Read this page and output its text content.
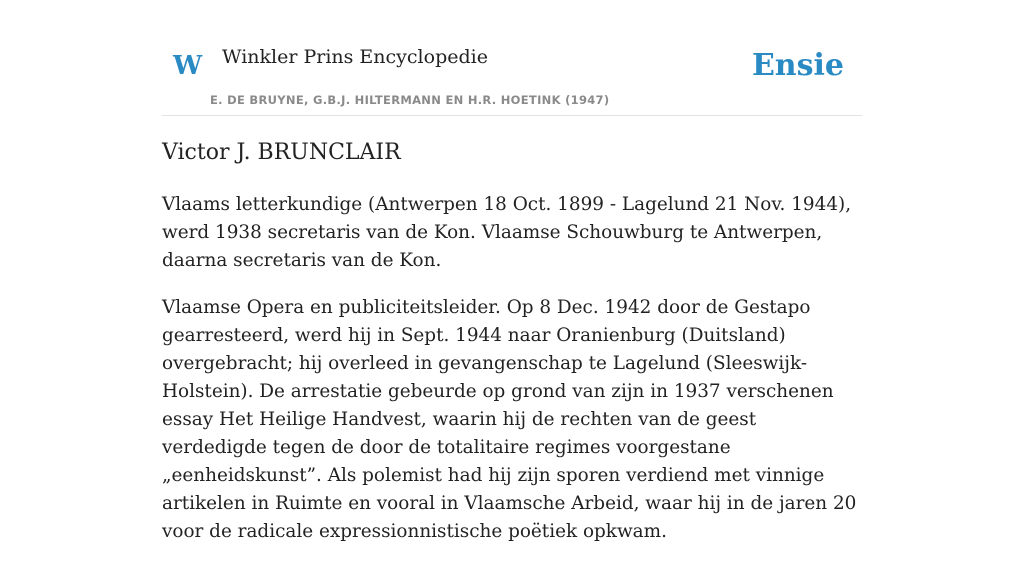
W Winkler Prins Encyclopedie
E. DE BRUYNE, G.B.J. HILTERMANN EN H.R. HOETINK (1947)
Ensie
Victor J. BRUNCLAIR

Vlaams letterkundige (Antwerpen 18 Oct. 1899 - Lagelund 21 Nov. 1944), werd 1938 secretaris van de Kon. Vlaamse Schouwburg te Antwerpen, daarna secretaris van de Kon.

Vlaamse Opera en publiciteitsleider. Op 8 Dec. 1942 door de Gestapo gearresteerd, werd hij in Sept. 1944 naar Oranienburg (Duitsland) overgebracht; hij overleed in gevangenschap te Lagelund (Sleeswijk-Holstein). De arrestatie gebeurde op grond van zijn in 1937 verschenen essay Het Heilige Handvest, waarin hij de rechten van de geest verdedigde tegen de door de totalitaire regimes voorgestane „eenheidskunst”. Als polemist had hij zijn sporen verdiend met vinnige artikelen in Ruimte en vooral in Vlaamsche Arbeid, waar hij in de jaren 20 voor de radicale expressionnistische poëtiek opkwam.
